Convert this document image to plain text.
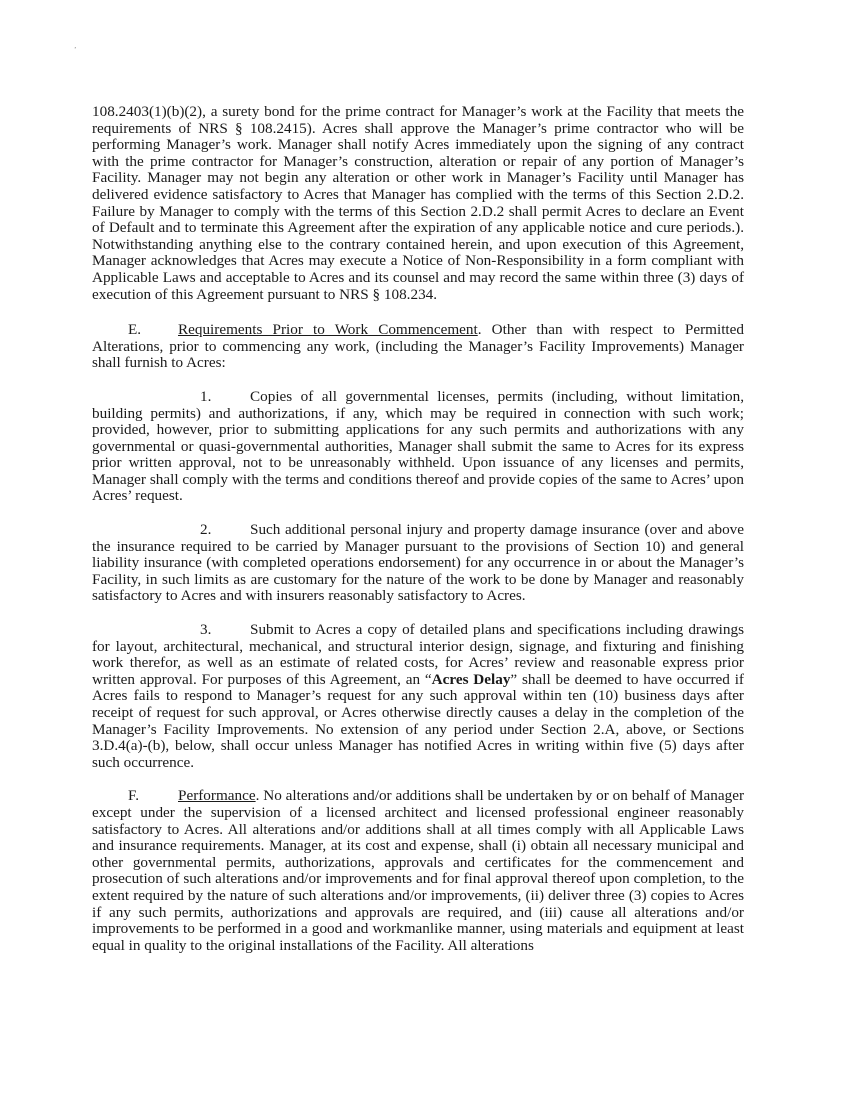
’

108.2403(1)(b)(2), a surety bond for the prime contract for Manager’s work at the Facility that meets the requirements of NRS § 108.2415). Acres shall approve the Manager’s prime contractor who will be performing Manager’s work. Manager shall notify Acres immediately upon the signing of any contract with the prime contractor for Manager’s construction, alteration or repair of any portion of Manager’s Facility. Manager may not begin any alteration or other work in Manager’s Facility until Manager has delivered evidence satisfactory to Acres that Manager has complied with the terms of this Section 2.D.2. Failure by Manager to comply with the terms of this Section 2.D.2 shall permit Acres to declare an Event of Default and to terminate this Agreement after the expiration of any applicable notice and cure periods.). Notwithstanding anything else to the contrary contained herein, and upon execution of this Agreement, Manager acknowledges that Acres may execute a Notice of Non-Responsibility in a form compliant with Applicable Laws and acceptable to Acres and its counsel and may record the same within three (3) days of execution of this Agreement pursuant to NRS § 108.234.

E. Requirements Prior to Work Commencement. Other than with respect to Permitted Alterations, prior to commencing any work, (including the Manager’s Facility Improvements) Manager shall furnish to Acres:

1.	Copies of all governmental licenses, permits (including, without limitation, building permits) and authorizations, if any, which may be required in connection with such work; provided, however, prior to submitting applications for any such permits and authorizations with any governmental or quasi-governmental authorities, Manager shall submit the same to Acres for its express prior written approval, not to be unreasonably withheld. Upon issuance of any licenses and permits, Manager shall comply with the terms and conditions thereof and provide copies of the same to Acres’ upon Acres’ request.

2.	Such additional personal injury and property damage insurance (over and above the insurance required to be carried by Manager pursuant to the provisions of Section 10) and general liability insurance (with completed operations endorsement) for any occurrence in or about the Manager’s Facility, in such limits as are customary for the nature of the work to be done by Manager and reasonably satisfactory to Acres and with insurers reasonably satisfactory to Acres.

3.	Submit to Acres a copy of detailed plans and specifications including drawings for layout, architectural, mechanical, and structural interior design, signage, and fixturing and finishing work therefor, as well as an estimate of related costs, for Acres’ review and reasonable express prior written approval. For purposes of this Agreement, an “Acres Delay” shall be deemed to have occurred if Acres fails to respond to Manager’s request for any such approval within ten (10) business days after receipt of request for such approval, or Acres otherwise directly causes a delay in the completion of the Manager’s Facility Improvements. No extension of any period under Section 2.A, above, or Sections 3.D.4(a)-(b), below, shall occur unless Manager has notified Acres in writing within five (5) days after such occurrence.

F.	Performance. No alterations and/or additions shall be undertaken by or on behalf of Manager except under the supervision of a licensed architect and licensed professional engineer reasonably satisfactory to Acres. All alterations and/or additions shall at all times comply with all Applicable Laws and insurance requirements. Manager, at its cost and expense, shall (i) obtain all necessary municipal and other governmental permits, authorizations, approvals and certificates for the commencement and prosecution of such alterations and/or improvements and for final approval thereof upon completion, to the extent required by the nature of such alterations and/or improvements, (ii) deliver three (3) copies to Acres if any such permits, authorizations and approvals are required, and (iii) cause all alterations and/or improvements to be performed in a good and workmanlike manner, using materials and equipment at least equal in quality to the original installations of the Facility. All alterations
